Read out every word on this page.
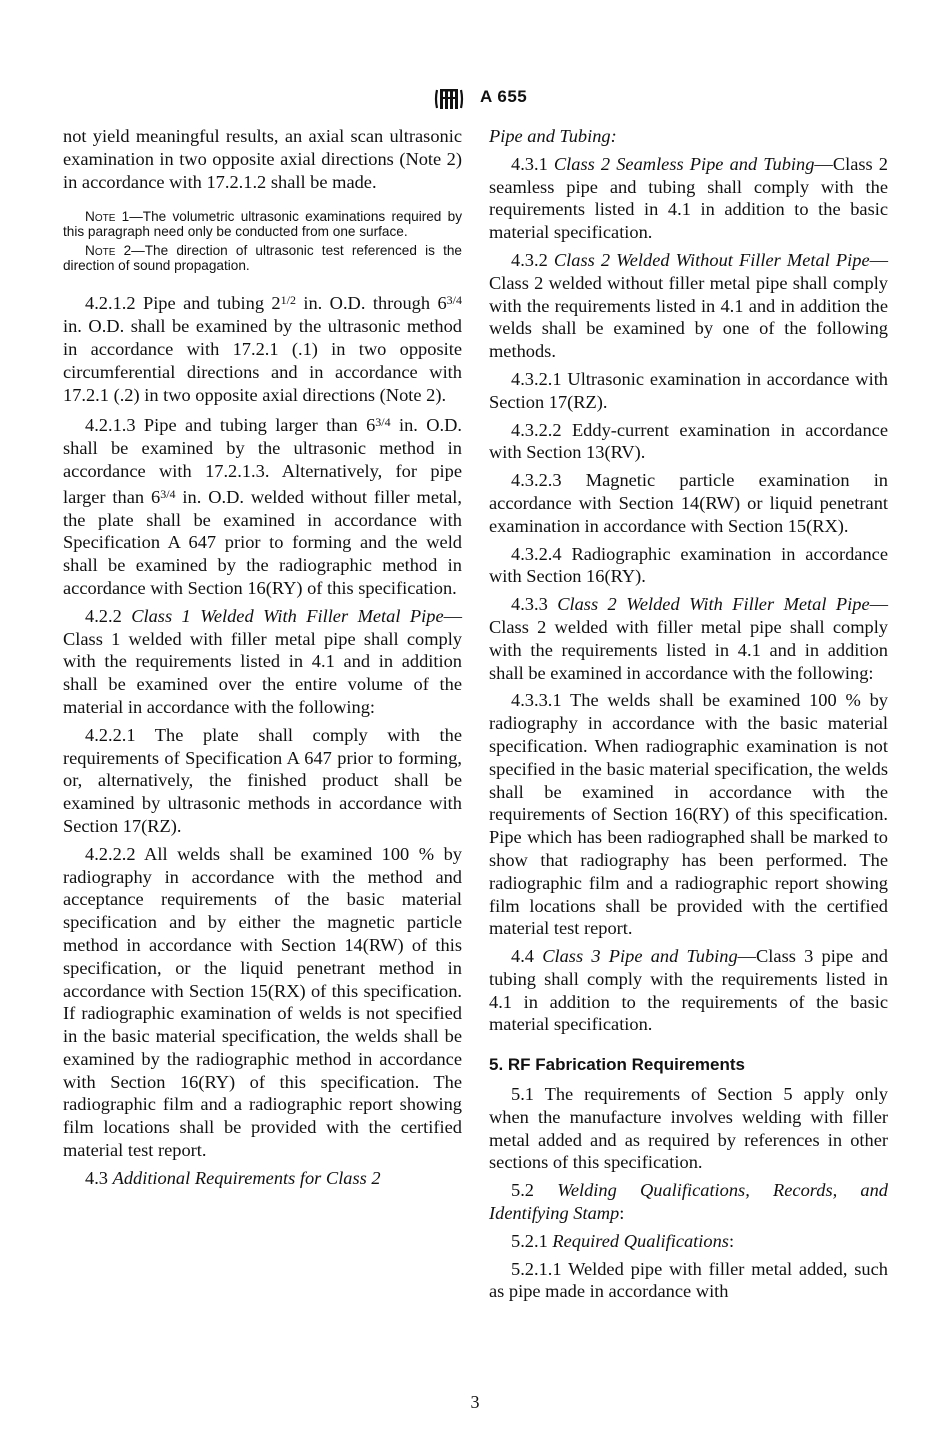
A 655

not yield meaningful results, an axial scan ultrasonic examination in two opposite axial directions (Note 2) in accordance with 17.2.1.2 shall be made.

Note 1—The volumetric ultrasonic examinations required by this paragraph need only be conducted from one surface.

Note 2—The direction of ultrasonic test referenced is the direction of sound propagation.

4.2.1.2 Pipe and tubing $2^{1/2}$ in. O.D. through $6^{3/4}$ in. O.D. shall be examined by the ultrasonic method in accordance with 17.2.1 (.1) in two opposite circumferential directions and in accordance with 17.2.1 (.2) in two opposite axial directions (Note 2).

4.2.1.3 Pipe and tubing larger than $6^{3/4}$ in. O.D. shall be examined by the ultrasonic method in accordance with 17.2.1.3. Alternatively, for pipe larger than $6^{3/4}$ in. O.D. welded without filler metal, the plate shall be examined in accordance with Specification A 647 prior to forming and the weld shall be examined by the radiographic method in accordance with Section 16(RY) of this specification.

4.2.2 Class 1 Welded With Filler Metal Pipe—Class 1 welded with filler metal pipe shall comply with the requirements listed in 4.1 and in addition shall be examined over the entire volume of the material in accordance with the following:

4.2.2.1 The plate shall comply with the requirements of Specification A 647 prior to forming, or, alternatively, the finished product shall be examined by ultrasonic methods in accordance with Section 17(RZ).

4.2.2.2 All welds shall be examined 100 % by radiography in accordance with the method and acceptance requirements of the basic material specification and by either the magnetic particle method in accordance with Section 14(RW) of this specification, or the liquid penetrant method in accordance with Section 15(RX) of this specification. If radiographic examination of welds is not specified in the basic material specification, the welds shall be examined by the radiographic method in accordance with Section 16(RY) of this specification. The radiographic film and a radiographic report showing film locations shall be provided with the certified material test report.

4.3 Additional Requirements for Class 2

Pipe and Tubing:

4.3.1 Class 2 Seamless Pipe and Tubing—Class 2 seamless pipe and tubing shall comply with the requirements listed in 4.1 in addition to the basic material specification.

4.3.2 Class 2 Welded Without Filler Metal Pipe—Class 2 welded without filler metal pipe shall comply with the requirements listed in 4.1 and in addition the welds shall be examined by one of the following methods.

4.3.2.1 Ultrasonic examination in accordance with Section 17(RZ).

4.3.2.2 Eddy-current examination in accordance with Section 13(RV).

4.3.2.3 Magnetic particle examination in accordance with Section 14(RW) or liquid penetrant examination in accordance with Section 15(RX).

4.3.2.4 Radiographic examination in accordance with Section 16(RY).

4.3.3 Class 2 Welded With Filler Metal Pipe—Class 2 welded with filler metal pipe shall comply with the requirements listed in 4.1 and in addition shall be examined in accordance with the following:

4.3.3.1 The welds shall be examined 100 % by radiography in accordance with the basic material specification. When radiographic examination is not specified in the basic material specification, the welds shall be examined in accordance with the requirements of Section 16(RY) of this specification. Pipe which has been radiographed shall be marked to show that radiography has been performed. The radiographic film and a radiographic report showing film locations shall be provided with the certified material test report.

4.4 Class 3 Pipe and Tubing—Class 3 pipe and tubing shall comply with the requirements listed in 4.1 in addition to the requirements of the basic material specification.

5. RF Fabrication Requirements

5.1 The requirements of Section 5 apply only when the manufacture involves welding with filler metal added and as required by references in other sections of this specification.

5.2 Welding Qualifications, Records, and Identifying Stamp:

5.2.1 Required Qualifications:

5.2.1.1 Welded pipe with filler metal added, such as pipe made in accordance with

3
